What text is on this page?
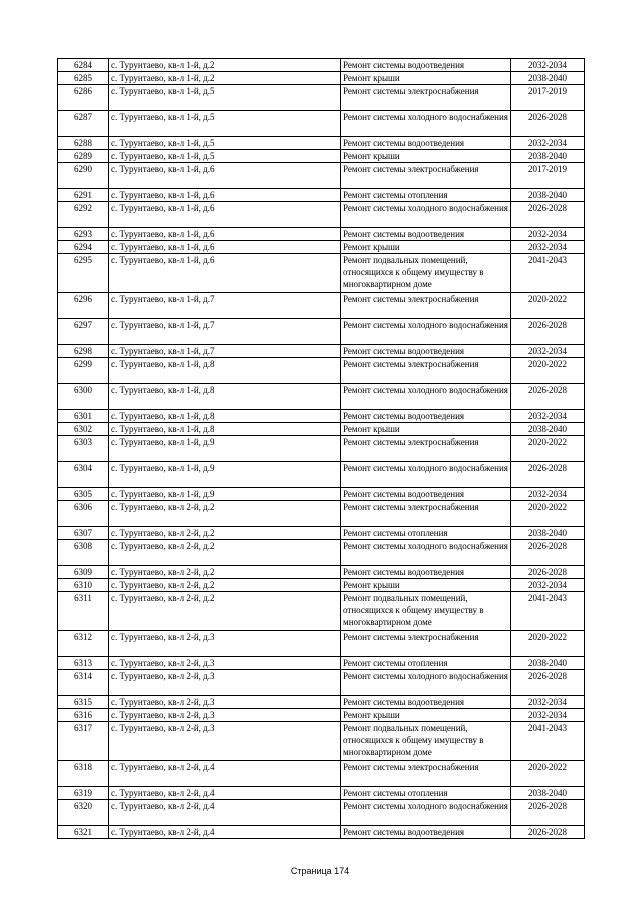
6284	с. Турунтаево, кв-л 1-й, д.2	Ремонт системы водоотведения	2032-2034
6285	с. Турунтаево, кв-л 1-й, д.2	Ремонт крыши	2038-2040
6286	с. Турунтаево, кв-л 1-й, д.5	Ремонт системы электроснабжения	2017-2019
6287	с. Турунтаево, кв-л 1-й, д.5	Ремонт системы холодного водоснабжения	2026-2028
6288	с. Турунтаево, кв-л 1-й, д.5	Ремонт системы водоотведения	2032-2034
6289	с. Турунтаево, кв-л 1-й, д.5	Ремонт крыши	2038-2040
6290	с. Турунтаево, кв-л 1-й, д.6	Ремонт системы электроснабжения	2017-2019
6291	с. Турунтаево, кв-л 1-й, д.6	Ремонт системы отопления	2038-2040
6292	с. Турунтаево, кв-л 1-й, д.6	Ремонт системы холодного водоснабжения	2026-2028
6293	с. Турунтаево, кв-л 1-й, д.6	Ремонт системы водоотведения	2032-2034
6294	с. Турунтаево, кв-л 1-й, д.6	Ремонт крыши	2032-2034
6295	с. Турунтаево, кв-л 1-й, д.6	Ремонт подвальных помещений, относящихся к общему имуществу в многоквартирном доме	2041-2043
6296	с. Турунтаево, кв-л 1-й, д.7	Ремонт системы электроснабжения	2020-2022
6297	с. Турунтаево, кв-л 1-й, д.7	Ремонт системы холодного водоснабжения	2026-2028
6298	с. Турунтаево, кв-л 1-й, д.7	Ремонт системы водоотведения	2032-2034
6299	с. Турунтаево, кв-л 1-й, д.8	Ремонт системы электроснабжения	2020-2022
6300	с. Турунтаево, кв-л 1-й, д.8	Ремонт системы холодного водоснабжения	2026-2028
6301	с. Турунтаево, кв-л 1-й, д.8	Ремонт системы водоотведения	2032-2034
6302	с. Турунтаево, кв-л 1-й, д.8	Ремонт крыши	2038-2040
6303	с. Турунтаево, кв-л 1-й, д.9	Ремонт системы электроснабжения	2020-2022
6304	с. Турунтаево, кв-л 1-й, д.9	Ремонт системы холодного водоснабжения	2026-2028
6305	с. Турунтаево, кв-л 1-й, д.9	Ремонт системы водоотведения	2032-2034
6306	с. Турунтаево, кв-л 2-й, д.2	Ремонт системы электроснабжения	2020-2022
6307	с. Турунтаево, кв-л 2-й, д.2	Ремонт системы отопления	2038-2040
6308	с. Турунтаево, кв-л 2-й, д.2	Ремонт системы холодного водоснабжения	2026-2028
6309	с. Турунтаево, кв-л 2-й, д.2	Ремонт системы водоотведения	2026-2028
6310	с. Турунтаево, кв-л 2-й, д.2	Ремонт крыши	2032-2034
6311	с. Турунтаево, кв-л 2-й, д.2	Ремонт подвальных помещений, относящихся к общему имуществу в многоквартирном доме	2041-2043
6312	с. Турунтаево, кв-л 2-й, д.3	Ремонт системы электроснабжения	2020-2022
6313	с. Турунтаево, кв-л 2-й, д.3	Ремонт системы отопления	2038-2040
6314	с. Турунтаево, кв-л 2-й, д.3	Ремонт системы холодного водоснабжения	2026-2028
6315	с. Турунтаево, кв-л 2-й, д.3	Ремонт системы водоотведения	2032-2034
6316	с. Турунтаево, кв-л 2-й, д.3	Ремонт крыши	2032-2034
6317	с. Турунтаево, кв-л 2-й, д.3	Ремонт подвальных помещений, относящихся к общему имуществу в многоквартирном доме	2041-2043
6318	с. Турунтаево, кв-л 2-й, д.4	Ремонт системы электроснабжения	2020-2022
6319	с. Турунтаево, кв-л 2-й, д.4	Ремонт системы отопления	2038-2040
6320	с. Турунтаево, кв-л 2-й, д.4	Ремонт системы холодного водоснабжения	2026-2028
6321	с. Турунтаево, кв-л 2-й, д.4	Ремонт системы водоотведения	2026-2028
Страница 174
